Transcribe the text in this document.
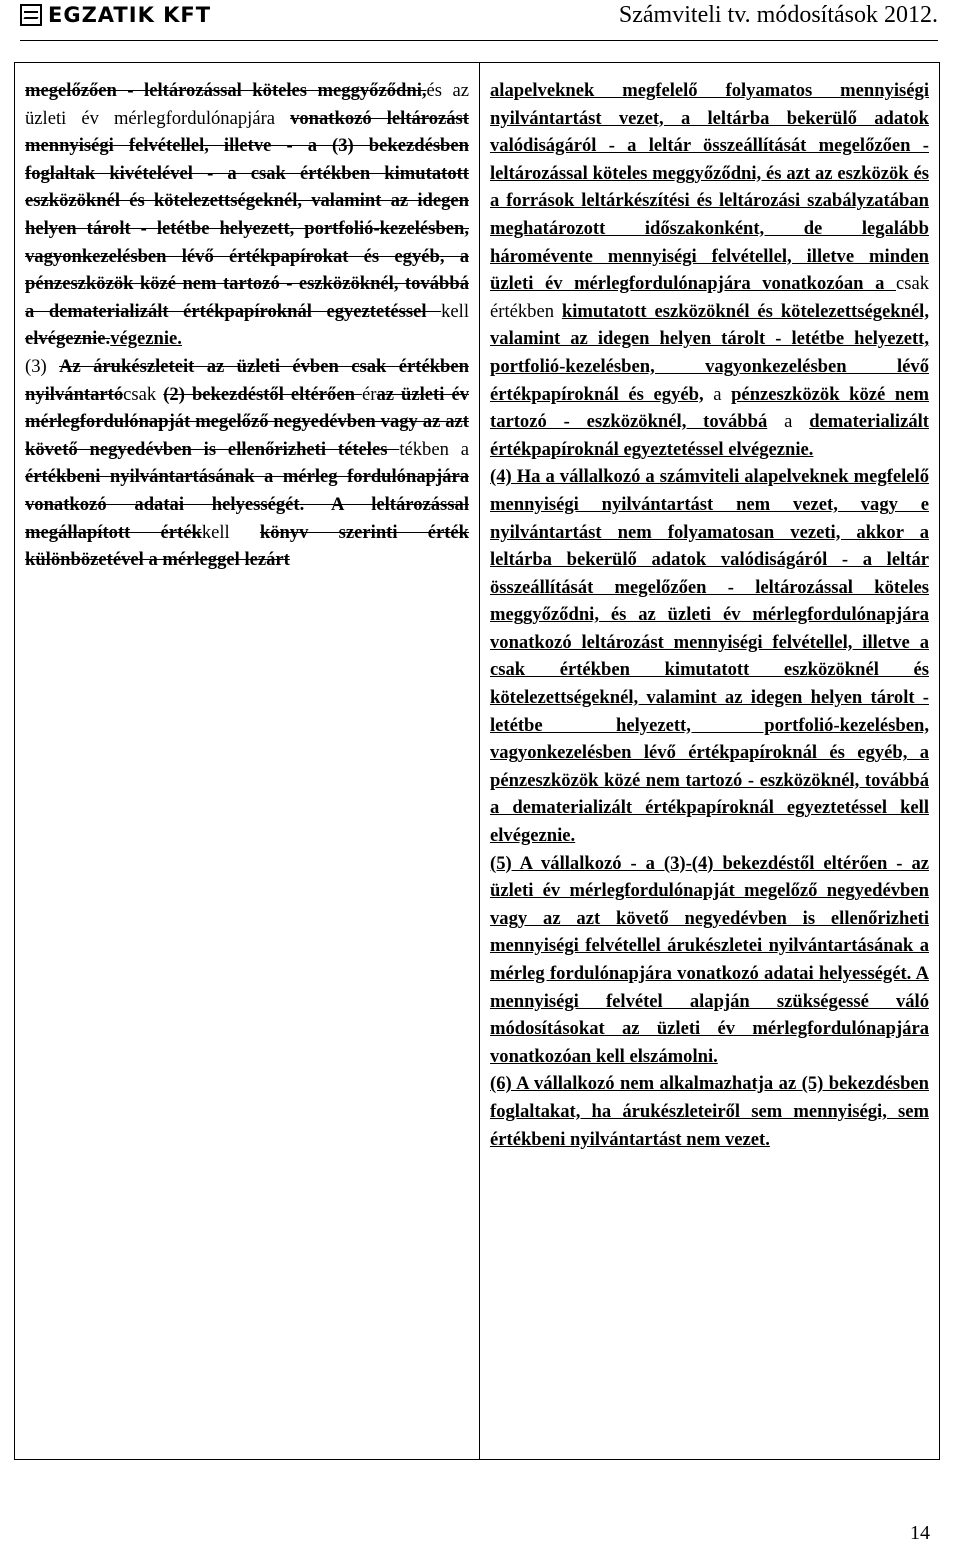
EGZATIK KFT	Számviteli tv. módosítások 2012.

megelőzően - leltározással köteles meggyőződni,és az üzleti év mérlegfordulónapjára vonatkozó leltározást mennyiségi felvétellel, illetve - a (3) bekezdésben foglaltak kivételével - a csak értékben kimutatott eszközöknél és kötelezettségeknél, valamint az idegen helyen tárolt - letétbe helyezett, portfolió-kezelésben, vagyonkezelésben lévő értékpapírokat és egyéb, a pénzeszközök közé nem tartozó - eszközöknél, továbbá a dematerializált értékpapíroknál egyeztetéssel kell elvégeznie.végeznie.

(3) Az árukészleteit az üzleti évben csak értékben nyilvántartócsak (2) bekezdéstől eltérően éraz üzleti év mérlegfordulónapját megelőző negyedévben vagy az azt követő negyedévben is ellenőrizheti tételes tékben a értékbeni nyilvántartásának a mérleg fordulónapjára vonatkozó adatai helyességét. A leltározással megállapított értékkell könyv szerinti érték különbözetével a mérleggel lezárt

alapelveknek megfelelő folyamatos mennyiségi nyilvántartást vezet, a leltárba bekerülő adatok valódiságáról - a leltár összeállítását megelőzően - leltározással köteles meggyőződni, és azt az eszközök és a források leltárkészítési és leltározási szabályzatában meghatározott időszakonként, de legalább háromévente mennyiségi felvétellel, illetve minden üzleti év mérlegfordulónapjára vonatkozóan a csak értékben kimutatott eszközöknél és kötelezettségeknél, valamint az idegen helyen tárolt - letétbe helyezett, portfolió-kezelésben, vagyonkezelésben lévő értékpapíroknál és egyéb, a pénzeszközök közé nem tartozó - eszközöknél, továbbá a dematerializált értékpapíroknál egyeztetéssel elvégeznie.

(4) Ha a vállalkozó a számviteli alapelveknek megfelelő mennyiségi nyilvántartást nem vezet, vagy e nyilvántartást nem folyamatosan vezeti, akkor a leltárba bekerülő adatok valódiságáról - a leltár összeállítását megelőzően - leltározással köteles meggyőződni, és az üzleti év mérlegfordulónapjára vonatkozó leltározást mennyiségi felvétellel, illetve a csak értékben kimutatott eszközöknél és kötelezettségeknél, valamint az idegen helyen tárolt - letétbe helyezett, portfolió-kezelésben, vagyonkezelésben lévő értékpapíroknál és egyéb, a pénzeszközök közé nem tartozó - eszközöknél, továbbá a dematerializált értékpapíroknál egyeztetéssel kell elvégeznie.

(5) A vállalkozó - a (3)-(4) bekezdéstől eltérően - az üzleti év mérlegfordulónapját megelőző negyedévben vagy az azt követő negyedévben is ellenőrizheti mennyiségi felvétellel árukészletei nyilvántartásának a mérleg fordulónapjára vonatkozó adatai helyességét. A mennyiségi felvétel alapján szükségessé váló módosításokat az üzleti év mérlegfordulónapjára vonatkozóan kell elszámolni.

(6) A vállalkozó nem alkalmazhatja az (5) bekezdésben foglaltakat, ha árukészleteiről sem mennyiségi, sem értékbeni nyilvántartást nem vezet.

14
